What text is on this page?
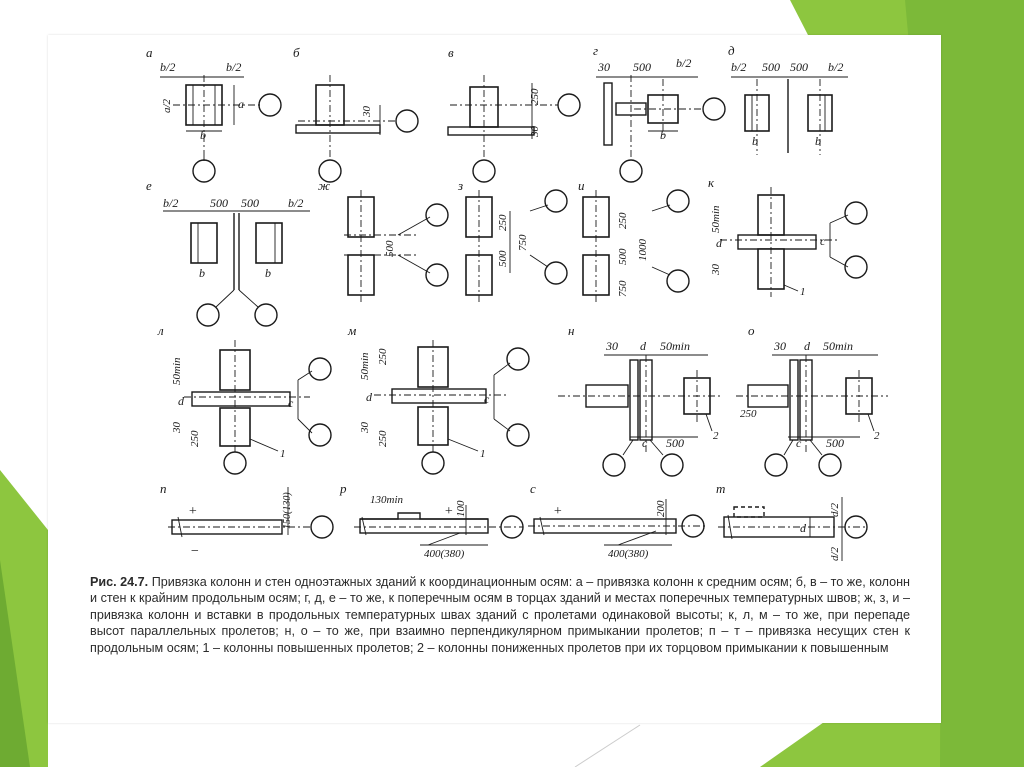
а
b/2	b/2
a/2	a
b
б
30
в
250
30
г
30 500 b/2
b
д
b/2 500 500 b/2
b	b
е
b/2	500 500 b/2
b	b
ж
500
з
250
500
750
и
250
500 1000
750
к
50min
d
30
c
1
л
50min
d
30
250
c
1
м
50min 250
d
30
250
c
1
н
30 d 50min
c 500	2
о
30 d 50min
250
c 500	2
п
+	150(130)
−
р
130min
+ 100
400(380)
с
+	200
400(380)
т
d
d/2
d/2
Рис. 24.7. Привязка колонн и стен одноэтажных зданий к координационным осям: а – привязка колонн к средним осям; б, в – то же, колонн и стен к крайним продольным осям; г, д, е – то же, к поперечным осям в торцах зданий и местах поперечных температурных швов; ж, з, и – привязка колонн и вставки в продольных температурных швах зданий с пролетами одинаковой высоты; к, л, м – то же, при перепаде высот параллельных пролетов; н, о – то же, при взаимно перпендикулярном примыкании пролетов; п – т – привязка несущих стен к продольным осям; 1 – колонны повышенных пролетов; 2 – колонны пониженных пролетов при их торцовом примыкании к повышенным
